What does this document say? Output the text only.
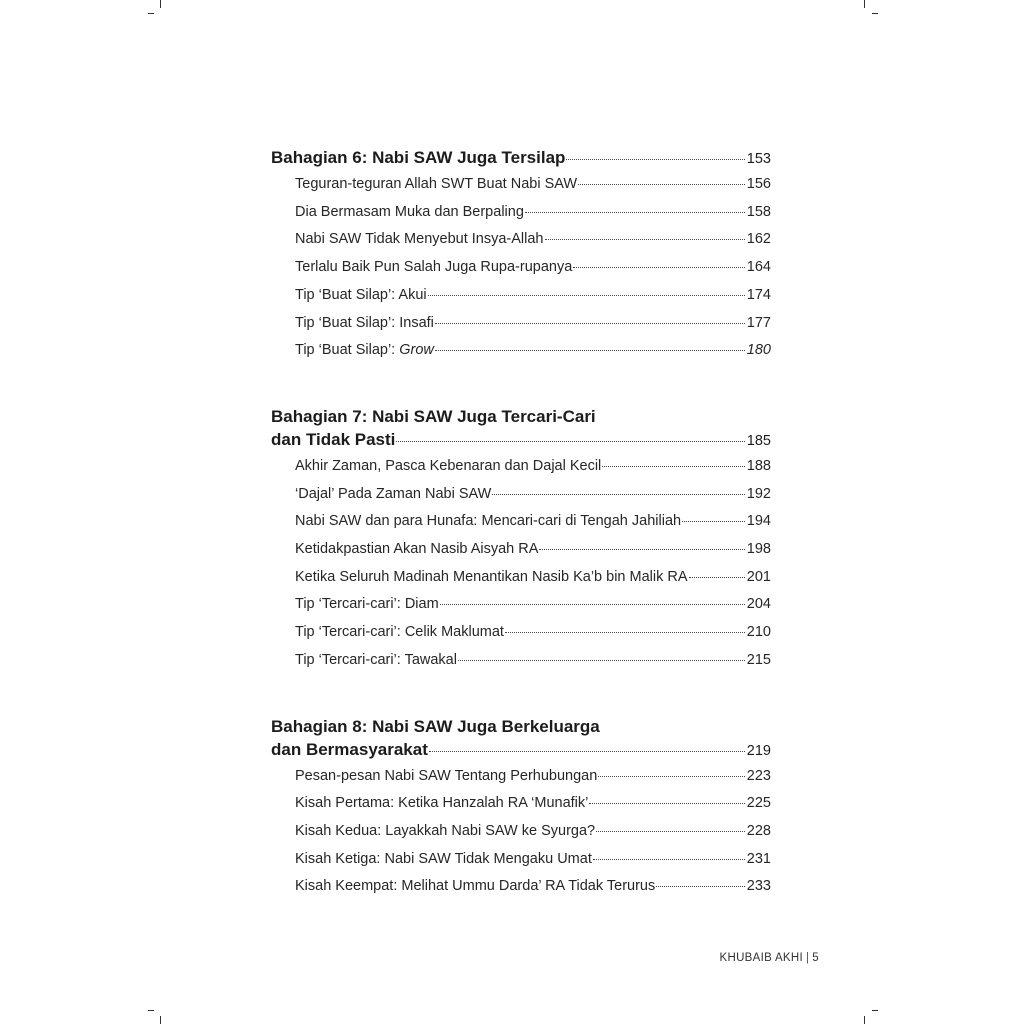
Bahagian 6: Nabi SAW Juga Tersilap	153
Teguran-teguran Allah SWT Buat Nabi SAW	156
Dia Bermasam Muka dan Berpaling	158
Nabi SAW Tidak Menyebut Insya-Allah	162
Terlalu Baik Pun Salah Juga Rupa-rupanya	164
Tip ‘Buat Silap’: Akui	174
Tip ‘Buat Silap’: Insafi	177
Tip ‘Buat Silap’: Grow	180
Bahagian 7: Nabi SAW Juga Tercari-Cari
dan Tidak Pasti	185
Akhir Zaman, Pasca Kebenaran dan Dajal Kecil	188
‘Dajal’ Pada Zaman Nabi SAW	192
Nabi SAW dan para Hunafa: Mencari-cari di Tengah Jahiliah	194
Ketidakpastian Akan Nasib Aisyah RA	198
Ketika Seluruh Madinah Menantikan Nasib Ka’b bin Malik RA	201
Tip ‘Tercari-cari’: Diam	204
Tip ‘Tercari-cari’: Celik Maklumat	210
Tip ‘Tercari-cari’: Tawakal	215
Bahagian 8: Nabi SAW Juga Berkeluarga
dan Bermasyarakat	219
Pesan-pesan Nabi SAW Tentang Perhubungan	223
Kisah Pertama: Ketika Hanzalah RA ‘Munafik’	225
Kisah Kedua: Layakkah Nabi SAW ke Syurga?	228
Kisah Ketiga: Nabi SAW Tidak Mengaku Umat	231
Kisah Keempat: Melihat Ummu Darda’ RA Tidak Terurus	233
KHUBAIB AKHI | 5
